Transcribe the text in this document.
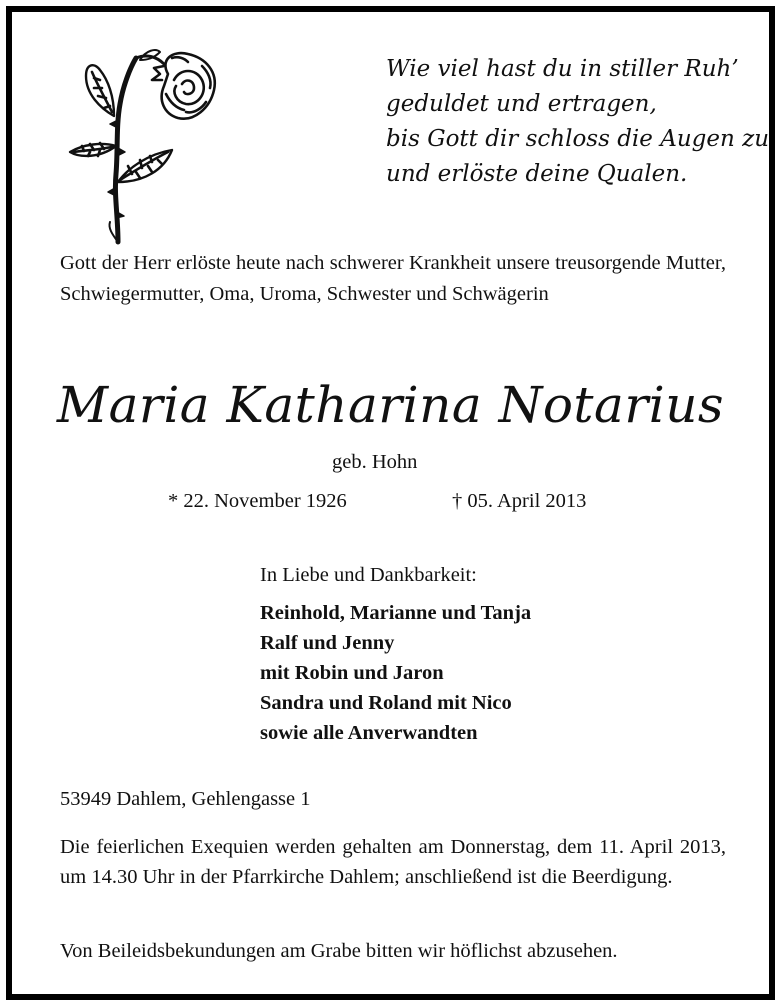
Wie viel hast du in stiller Ruh’
geduldet und ertragen,
bis Gott dir schloss die Augen zu
und erlöste deine Qualen.
Gott der Herr erlöste heute nach schwerer Krankheit unsere treusorgende Mutter, Schwiegermutter, Oma, Uroma, Schwester und Schwägerin
Maria Katharina Notarius
geb. Hohn
* 22. November 1926	† 05. April 2013
In Liebe und Dankbarkeit:
Reinhold, Marianne und Tanja
Ralf und Jenny
mit Robin und Jaron
Sandra und Roland mit Nico
sowie alle Anverwandten
53949 Dahlem, Gehlengasse 1
Die feierlichen Exequien werden gehalten am Donnerstag, dem 11. April 2013, um 14.30 Uhr in der Pfarrkirche Dahlem; anschließend ist die Beerdigung.
Von Beileidsbekundungen am Grabe bitten wir höflichst abzusehen.
